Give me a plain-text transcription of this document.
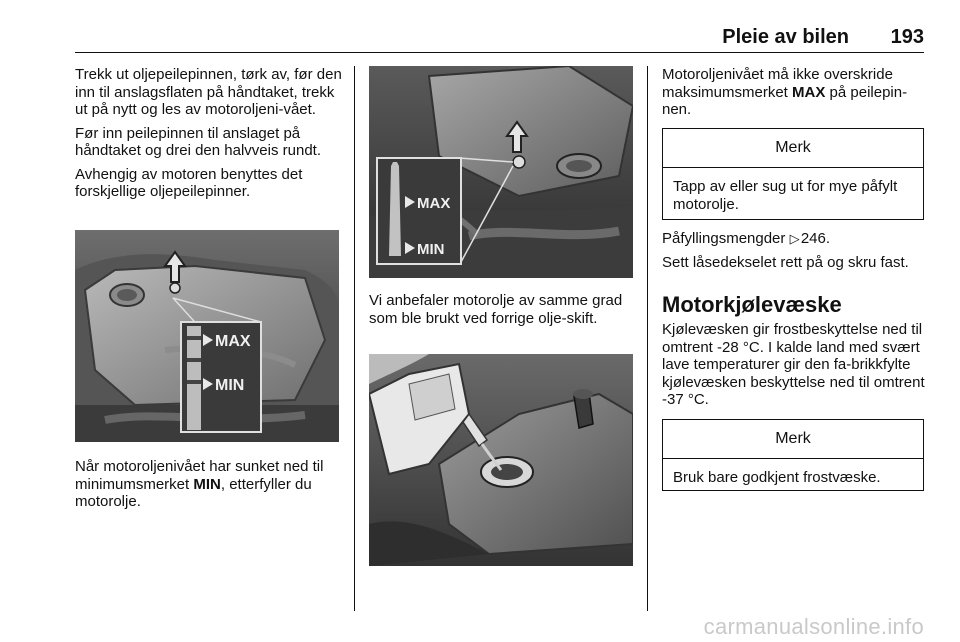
Pleie av bilen 193

Trekk ut oljepeilepinnen, tørk av, før den inn til anslagsflaten på håndtaket, trekk ut på nytt og les av motoroljeni-vået.

Før inn peilepinnen til anslaget på håndtaket og drei den halvveis rundt.

Avhengig av motoren benyttes det forskjellige oljepeilepinner.

MAX
MIN

Når motoroljenivået har sunket ned til minimumsmerket MIN, etterfyller du motorolje.

MAX
MIN

Vi anbefaler motorolje av samme grad som ble brukt ved forrige olje-skift.

Motoroljenivået må ikke overskride maksimumsmerket MAX på peilepin-nen.

Merk
Tapp av eller sug ut for mye påfylt motorolje.

Påfyllingsmengder ▷ 246.

Sett låsedekselet rett på og skru fast.

Motorkjølevæske

Kjølevæsken gir frostbeskyttelse ned til omtrent -28 °C. I kalde land med svært lave temperaturer gir den fa-brikkfylte kjølevæsken beskyttelse ned til omtrent -37 °C.

Merk
Bruk bare godkjent frostvæske.
carmanualsonline.info
